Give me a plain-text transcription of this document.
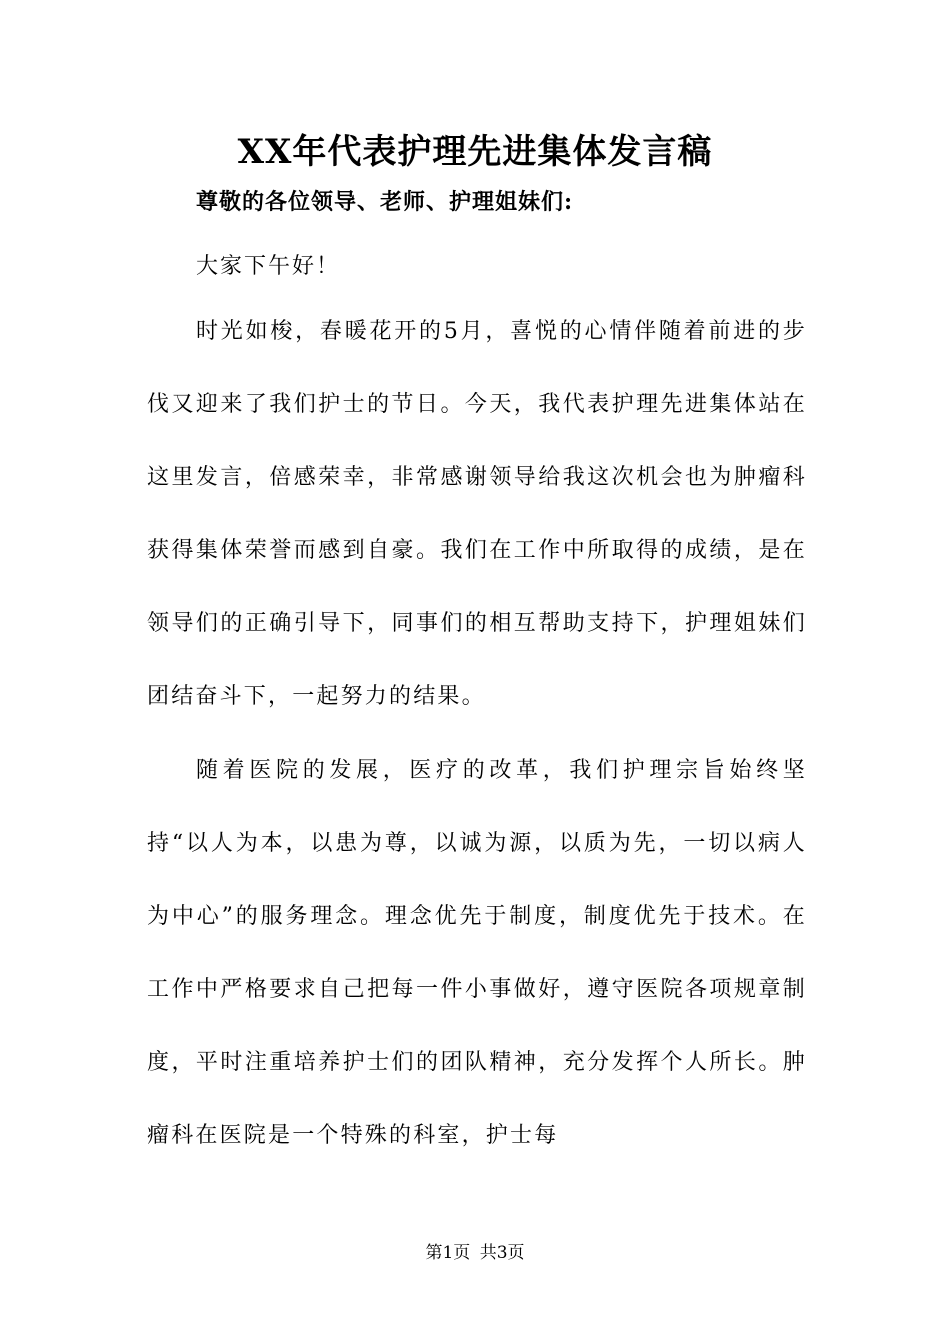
XX年代表护理先进集体发言稿
尊敬的各位领导、老师、护理姐妹们:
大家下午好！

时光如梭，春暖花开的5月，喜悦的心情伴随着前进的步伐又迎来了我们护士的节日。今天，我代表护理先进集体站在这里发言，倍感荣幸，非常感谢领导给我这次机会也为肿瘤科获得集体荣誉而感到自豪。我们在工作中所取得的成绩，是在领导们的正确引导下，同事们的相互帮助支持下，护理姐妹们团结奋斗下，一起努力的结果。

随着医院的发展，医疗的改革，我们护理宗旨始终坚持“以人为本，以患为尊，以诚为源，以质为先，一切以病人为中心”的服务理念。理念优先于制度，制度优先于技术。在工作中严格要求自己把每一件小事做好，遵守医院各项规章制度，平时注重培养护士们的团队精神，充分发挥个人所长。肿瘤科在医院是一个特殊的科室，护士每

第1页 共3页
